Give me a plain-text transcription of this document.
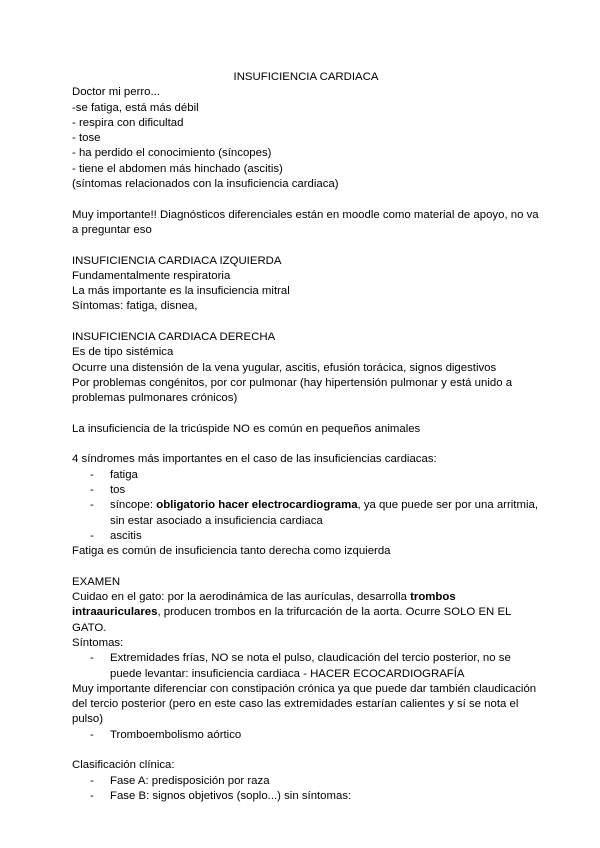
INSUFICIENCIA CARDIACA

Doctor mi perro...

-se fatiga, está más débil

- respira con dificultad

- tose

- ha perdido el conocimiento (síncopes)

- tiene el abdomen más hinchado (ascitis)

(síntomas relacionados con la insuficiencia cardiaca)

Muy importante!! Diagnósticos diferenciales están en moodle como material de apoyo, no va a preguntar eso

INSUFICIENCIA CARDIACA IZQUIERDA

Fundamentalmente respiratoria

La más importante es la insuficiencia mitral

Síntomas: fatiga, disnea,

INSUFICIENCIA CARDIACA DERECHA

Es de tipo sistémica

Ocurre una distensión de la vena yugular, ascitis, efusión torácica, signos digestivos

Por problemas congénitos, por cor pulmonar (hay hipertensión pulmonar y está unido a problemas pulmonares crónicos)

La insuficiencia de la tricúspide NO es común en pequeños animales

4 síndromes más importantes en el caso de las insuficiencias cardiacas:

- fatiga
- tos
- síncope: obligatorio hacer electrocardiograma, ya que puede ser por una arritmia, sin estar asociado a insuficiencia cardiaca
- ascitis

Fatiga es común de insuficiencia tanto derecha como izquierda

EXAMEN

Cuidao en el gato: por la aerodinámica de las aurículas, desarrolla trombos intraauriculares, producen trombos en la trifurcación de la aorta. Ocurre SOLO EN EL GATO.

Síntomas:

- Extremidades frías, NO se nota el pulso, claudicación del tercio posterior, no se puede levantar: insuficiencia cardiaca - HACER ECOCARDIOGRAFÍA

Muy importante diferenciar con constipación crónica ya que puede dar también claudicación del tercio posterior (pero en este caso las extremidades estarían calientes y sí se nota el pulso)

- Tromboembolismo aórtico

Clasificación clínica:

- Fase A: predisposición por raza
- Fase B: signos objetivos (soplo...) sin síntomas:
